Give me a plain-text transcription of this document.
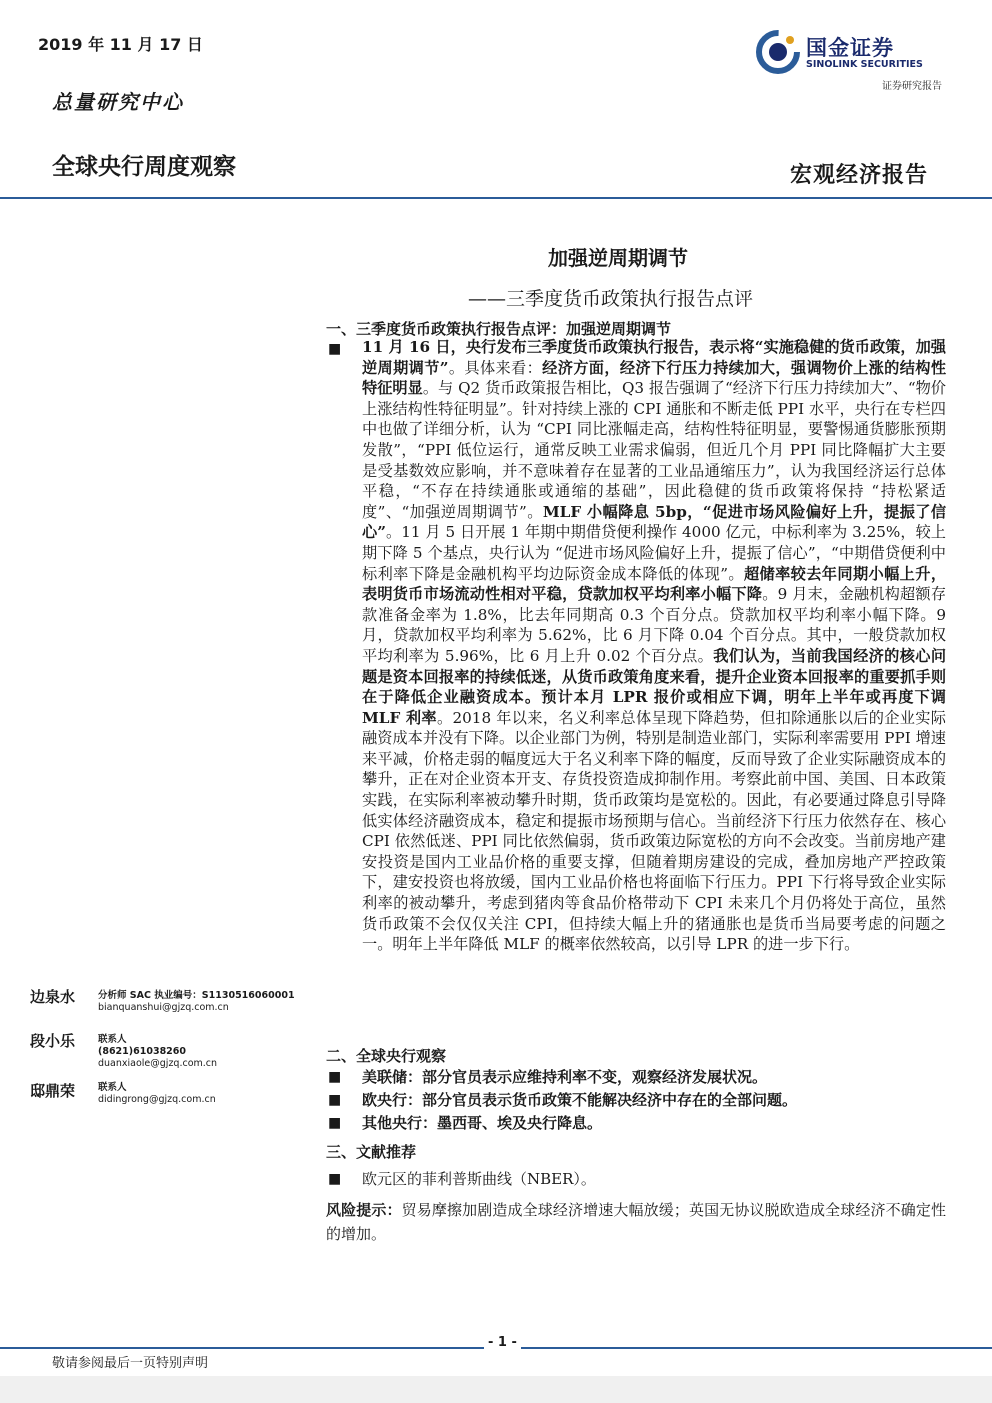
2019 年 11 月 17 日
总量研究中心
全球央行周度观察
国金证券
SINOLINK SECURITIES
证券研究报告
宏观经济报告
加强逆周期调节
——三季度货币政策执行报告点评
一、三季度货币政策执行报告点评：加强逆周期调节
■
11 月 16 日，央行发布三季度货币政策执行报告，表示将“实施稳健的货币政策，加强逆周期调节”。具体来看：经济方面，经济下行压力持续加大，强调物价上涨的结构性特征明显。与 Q2 货币政策报告相比，Q3 报告强调了“经济下行压力持续加大”、“物价上涨结构性特征明显”。针对持续上涨的 CPI 通胀和不断走低 PPI 水平，央行在专栏四中也做了详细分析，认为 “CPI 同比涨幅走高，结构性特征明显，要警惕通货膨胀预期发散”，“PPI 低位运行，通常反映工业需求偏弱，但近几个月 PPI 同比降幅扩大主要是受基数效应影响，并不意味着存在显著的工业品通缩压力”，认为我国经济运行总体平稳，“不存在持续通胀或通缩的基础”，因此稳健的货币政策将保持 “持松紧适度”、“加强逆周期调节”。MLF 小幅降息 5bp，“促进市场风险偏好上升，提振了信心”。11 月 5 日开展 1 年期中期借贷便利操作 4000 亿元，中标利率为 3.25%，较上期下降 5 个基点，央行认为 “促进市场风险偏好上升，提振了信心”，“中期借贷便利中标利率下降是金融机构平均边际资金成本降低的体现”。超储率较去年同期小幅上升，表明货币市场流动性相对平稳，贷款加权平均利率小幅下降。9 月末，金融机构超额存款准备金率为 1.8%，比去年同期高 0.3 个百分点。贷款加权平均利率小幅下降。9 月，贷款加权平均利率为 5.62%，比 6 月下降 0.04 个百分点。其中，一般贷款加权平均利率为 5.96%，比 6 月上升 0.02 个百分点。我们认为，当前我国经济的核心问题是资本回报率的持续低迷，从货币政策角度来看，提升企业资本回报率的重要抓手则在于降低企业融资成本。预计本月 LPR 报价或相应下调，明年上半年或再度下调 MLF 利率。2018 年以来，名义利率总体呈现下降趋势，但扣除通胀以后的企业实际融资成本并没有下降。以企业部门为例，特别是制造业部门，实际利率需要用 PPI 增速来平减，价格走弱的幅度远大于名义利率下降的幅度，反而导致了企业实际融资成本的攀升，正在对企业资本开支、存货投资造成抑制作用。考察此前中国、美国、日本政策实践，在实际利率被动攀升时期，货币政策均是宽松的。因此，有必要通过降息引导降低实体经济融资成本，稳定和提振市场预期与信心。当前经济下行压力依然存在、核心 CPI 依然低迷、PPI 同比依然偏弱，货币政策边际宽松的方向不会改变。当前房地产建安投资是国内工业品价格的重要支撑，但随着期房建设的完成，叠加房地产严控政策下，建安投资也将放缓，国内工业品价格也将面临下行压力。PPI 下行将导致企业实际利率的被动攀升，考虑到猪肉等食品价格带动下 CPI 未来几个月仍将处于高位，虽然货币政策不会仅仅关注 CPI，但持续大幅上升的猪通胀也是货币当局要考虑的问题之一。明年上半年降低 MLF 的概率依然较高，以引导 LPR 的进一步下行。
二、全球央行观察
■
美联储：部分官员表示应维持利率不变，观察经济发展状况。
■
欧央行：部分官员表示货币政策不能解决经济中存在的全部问题。
■
其他央行：墨西哥、埃及央行降息。
三、文献推荐
■
欧元区的菲利普斯曲线（NBER）。
风险提示：贸易摩擦加剧造成全球经济增速大幅放缓；英国无协议脱欧造成全球经济不确定性的增加。
边泉水 分析师 SAC 执业编号：S1130516060001
bianquanshui@gjzq.com.cn
段小乐 联系人
(8621)61038260
duanxiaole@gjzq.com.cn
邸鼎荣 联系人
didingrong@gjzq.com.cn
- 1 -
敬请参阅最后一页特别声明
